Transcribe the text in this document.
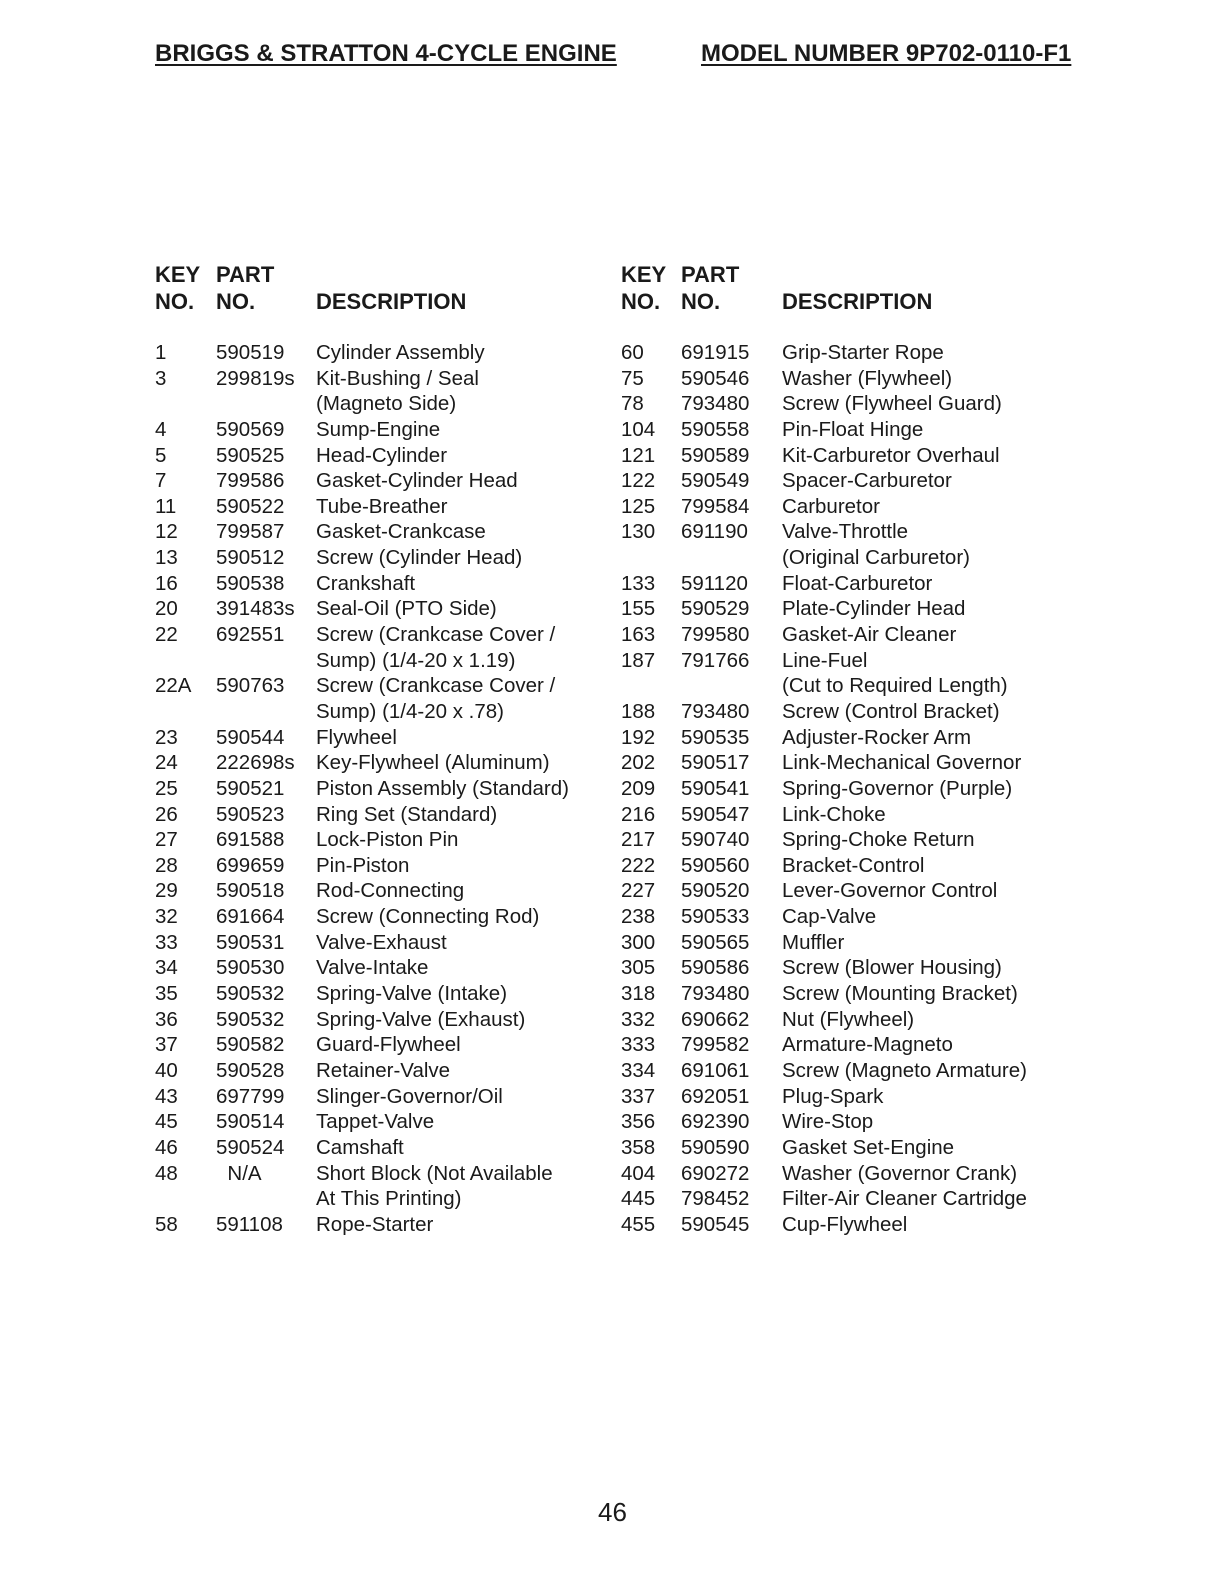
BRIGGS & STRATTON 4-CYCLE ENGINE	MODEL NUMBER 9P702-0110-F1
KEY
NO.
PART
NO.	DESCRIPTION
1 590519 Cylinder Assembly
3 299819s Kit-Bushing / Seal
(Magneto Side)
4 590569 Sump-Engine
5 590525 Head-Cylinder
7 799586 Gasket-Cylinder Head
11 590522 Tube-Breather
12 799587 Gasket-Crankcase
13 590512 Screw (Cylinder Head)
16 590538 Crankshaft
20 391483s Seal-Oil (PTO Side)
22 692551 Screw (Crankcase Cover /
Sump) (1/4-20 x 1.19)
22A 590763 Screw (Crankcase Cover /
Sump) (1/4-20 x .78)
23 590544 Flywheel
24 222698s Key-Flywheel (Aluminum)
25 590521 Piston Assembly (Standard)
26 590523 Ring Set (Standard)
27 691588 Lock-Piston Pin
28 699659 Pin-Piston
29 590518 Rod-Connecting
32 691664 Screw (Connecting Rod)
33 590531 Valve-Exhaust
34 590530 Valve-Intake
35 590532 Spring-Valve (Intake)
36 590532 Spring-Valve (Exhaust)
37 590582 Guard-Flywheel
40 590528 Retainer-Valve
43 697799 Slinger-Governor/Oil
45 590514 Tappet-Valve
46 590524 Camshaft
48 N/A	Short Block (Not Available
At This Printing)
58 591108 Rope-Starter
KEY
NO.
PART
NO.	DESCRIPTION
60 691915 Grip-Starter Rope
75 590546 Washer (Flywheel)
78 793480 Screw (Flywheel Guard)
104 590558 Pin-Float Hinge
121 590589 Kit-Carburetor Overhaul
122 590549 Spacer-Carburetor
125 799584 Carburetor
130 691190 Valve-Throttle
(Original Carburetor)
133 591120 Float-Carburetor
155 590529 Plate-Cylinder Head
163 799580 Gasket-Air Cleaner
187 791766 Line-Fuel
(Cut to Required Length)
188 793480 Screw (Control Bracket)
192 590535 Adjuster-Rocker Arm
202 590517 Link-Mechanical Governor
209 590541 Spring-Governor (Purple)
216 590547 Link-Choke
217 590740 Spring-Choke Return
222 590560 Bracket-Control
227 590520 Lever-Governor Control
238 590533 Cap-Valve
300 590565 Muffler
305 590586 Screw (Blower Housing)
318 793480 Screw (Mounting Bracket)
332 690662 Nut (Flywheel)
333 799582 Armature-Magneto
334 691061 Screw (Magneto Armature)
337 692051 Plug-Spark
356 692390 Wire-Stop
358 590590 Gasket Set-Engine
404 690272 Washer (Governor Crank)
445 798452 Filter-Air Cleaner Cartridge
455 590545 Cup-Flywheel
46
